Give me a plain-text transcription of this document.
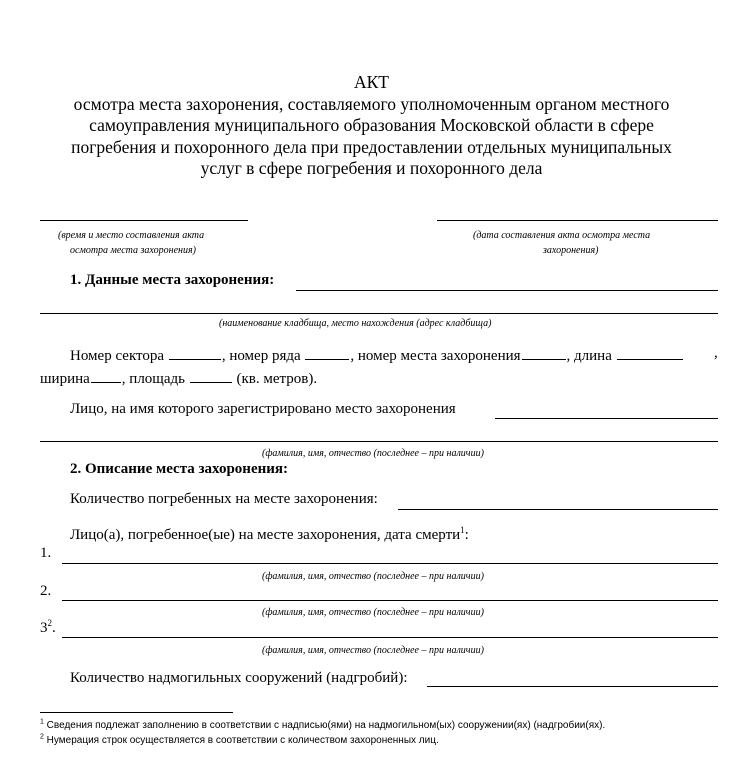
АКТ
осмотра места захоронения, составляемого уполномоченным органом местного
самоуправления муниципального образования Московской области в сфере
погребения и похоронного дела при предоставлении отдельных муниципальных
услуг в сфере погребения и похоронного дела
(время и место составления акта
осмотра места захоронения)
(дата составления акта осмотра места
захоронения)
1. Данные места захоронения:
(наименование кладбища, место нахождения (адрес кладбища)
Номер сектора	, номер ряда	, номер места захоронения	, длина	,
ширина , площадь	(кв. метров).
Лицо, на имя которого зарегистрировано место захоронения
(фамилия, имя, отчество (последнее – при наличии)
2. Описание места захоронения:
Количество погребенных на месте захоронения:
Лицо(а), погребенное(ые) на месте захоронения, дата смерти$^1$:
1.
(фамилия, имя, отчество (последнее – при наличии)
2.
(фамилия, имя, отчество (последнее – при наличии)
$3^2$.
(фамилия, имя, отчество (последнее – при наличии)
Количество надмогильных сооружений (надгробий):
$^1$ Сведения подлежат заполнению в соответствии с надписью(ями) на надмогильном(ых) сооружении(ях) (надгробии(ях).
$^2$ Нумерация строк осуществляется в соответствии с количеством захороненных лиц.
